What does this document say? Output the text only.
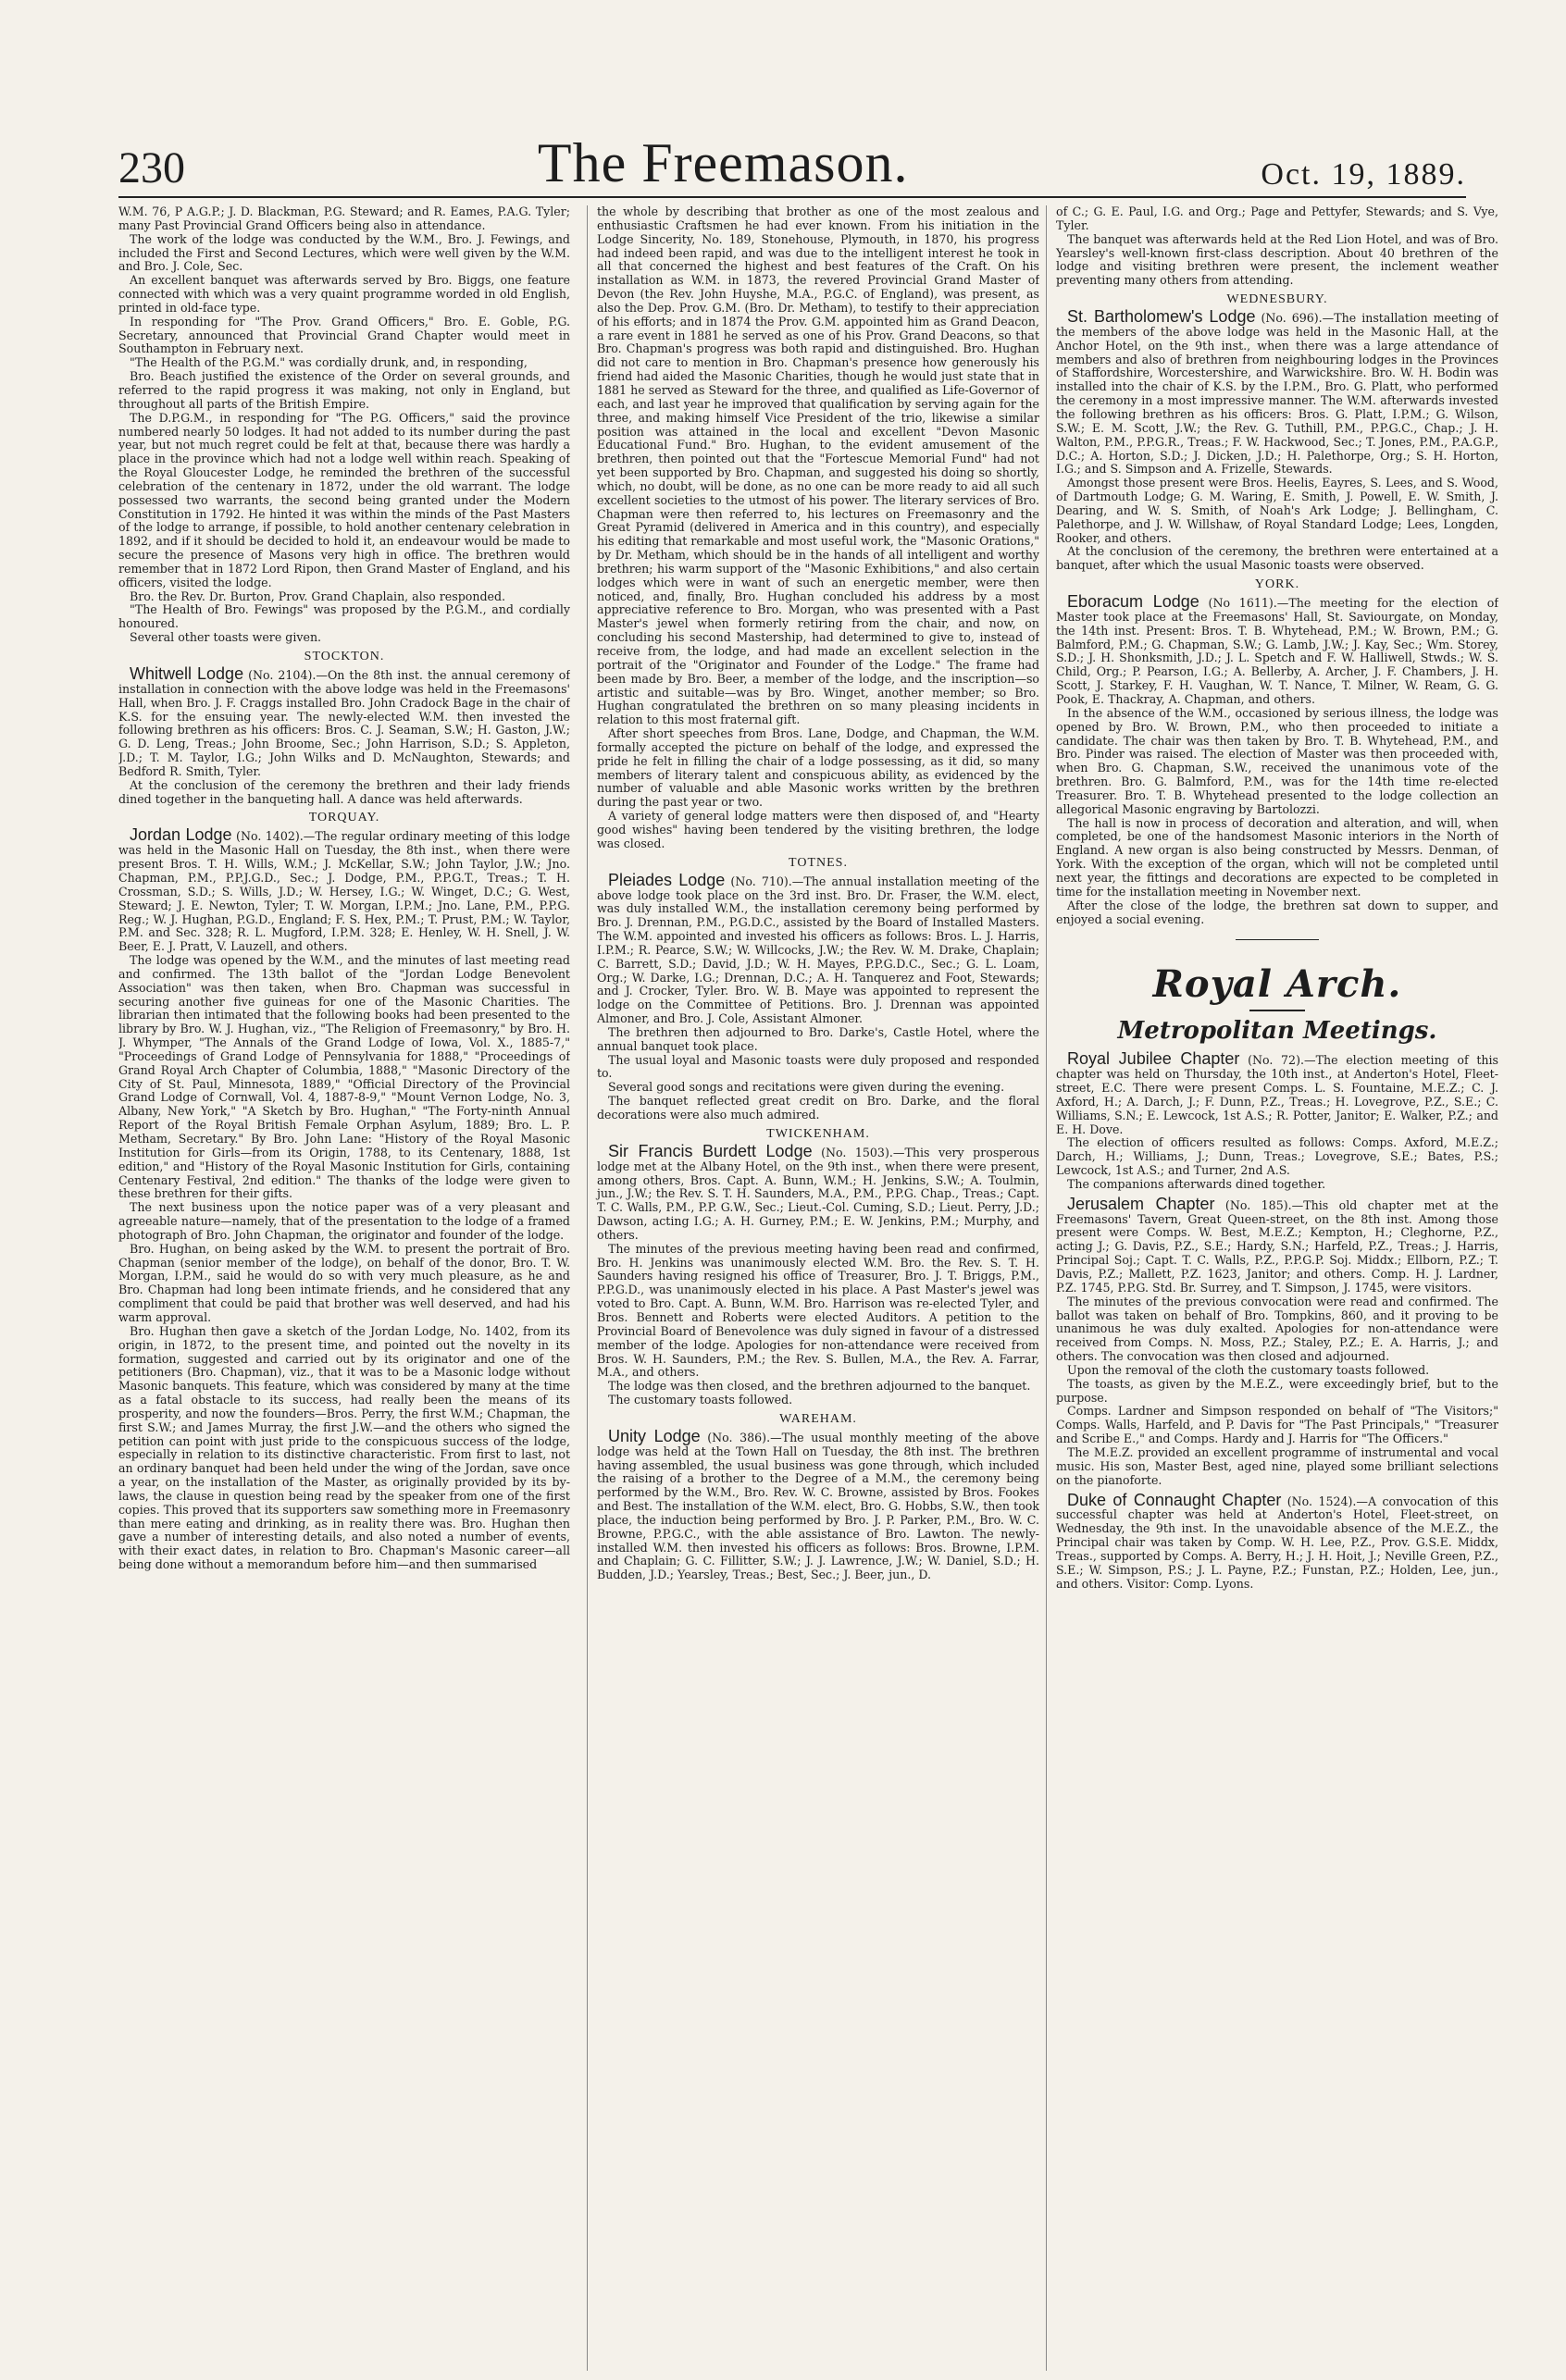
230	The Freemason.	Oct. 19, 1889.

W.M. 76, P A.G.P.; J. D. Blackman, P.G. Steward; and R. Eames, P.A.G. Tyler; many Past Provincial Grand Officers being also in attendance.

The work of the lodge was conducted by the W.M., Bro. J. Fewings, and included the First and Second Lectures, which were well given by the W.M. and Bro. J. Cole, Sec.

An excellent banquet was afterwards served by Bro. Biggs, one feature connected with which was a very quaint programme worded in old English, printed in old-face type.

In responding for "The Prov. Grand Officers," Bro. E. Goble, P.G. Secretary, announced that Provincial Grand Chapter would meet in Southampton in February next.

"The Health of the P.G.M." was cordially drunk, and, in responding,

Bro. Beach justified the existence of the Order on several grounds, and referred to the rapid progress it was making, not only in England, but throughout all parts of the British Empire.

The D.P.G.M., in responding for "The P.G. Officers," said the province numbered nearly 50 lodges. It had not added to its number during the past year, but not much regret could be felt at that, because there was hardly a place in the province which had not a lodge well within reach. Speaking of the Royal Gloucester Lodge, he reminded the brethren of the successful celebration of the centenary in 1872, under the old warrant. The lodge possessed two warrants, the second being granted under the Modern Constitution in 1792. He hinted it was within the minds of the Past Masters of the lodge to arrange, if possible, to hold another centenary celebration in 1892, and if it should be decided to hold it, an endeavour would be made to secure the presence of Masons very high in office. The brethren would remember that in 1872 Lord Ripon, then Grand Master of England, and his officers, visited the lodge.

Bro. the Rev. Dr. Burton, Prov. Grand Chaplain, also responded.

"The Health of Bro. Fewings" was proposed by the P.G.M., and cordially honoured.

Several other toasts were given.

STOCKTON.

Whitwell Lodge (No. 2104).—On the 8th inst. the annual ceremony of installation in connection with the above lodge was held in the Freemasons' Hall, when Bro. J. F. Craggs installed Bro. John Cradock Bage in the chair of K.S. for the ensuing year. The newly-elected W.M. then invested the following brethren as his officers: Bros. C. J. Seaman, S.W.; H. Gaston, J.W.; G. D. Leng, Treas.; John Broome, Sec.; John Harrison, S.D.; S. Appleton, J.D.; T. M. Taylor, I.G.; John Wilks and D. McNaughton, Stewards; and Bedford R. Smith, Tyler.

At the conclusion of the ceremony the brethren and their lady friends dined together in the banqueting hall. A dance was held afterwards.

TORQUAY.

Jordan Lodge (No. 1402).—The regular ordinary meeting of this lodge was held in the Masonic Hall on Tuesday, the 8th inst., when there were present Bros. T. H. Wills, W.M.; J. McKellar, S.W.; John Taylor, J.W.; Jno. Chapman, P.M., P.P.J.G.D., Sec.; J. Dodge, P.M., P.P.G.T., Treas.; T. H. Crossman, S.D.; S. Wills, J.D.; W. Hersey, I.G.; W. Winget, D.C.; G. West, Steward; J. E. Newton, Tyler; T. W. Morgan, I.P.M.; Jno. Lane, P.M., P.P.G. Reg.; W. J. Hughan, P.G.D., England; F. S. Hex, P.M.; T. Prust, P.M.; W. Taylor, P.M. and Sec. 328; R. L. Mugford, I.P.M. 328; E. Henley, W. H. Snell, J. W. Beer, E. J. Pratt, V. Lauzell, and others.

The lodge was opened by the W.M., and the minutes of last meeting read and confirmed. The 13th ballot of the "Jordan Lodge Benevolent Association" was then taken, when Bro. Chapman was successful in securing another five guineas for one of the Masonic Charities. The librarian then intimated that the following books had been presented to the library by Bro. W. J. Hughan, viz., "The Religion of Freemasonry," by Bro. H. J. Whymper, "The Annals of the Grand Lodge of Iowa, Vol. X., 1885-7," "Proceedings of Grand Lodge of Pennsylvania for 1888," "Proceedings of Grand Royal Arch Chapter of Columbia, 1888," "Masonic Directory of the City of St. Paul, Minnesota, 1889," "Official Directory of the Provincial Grand Lodge of Cornwall, Vol. 4, 1887-8-9," "Mount Vernon Lodge, No. 3, Albany, New York," "A Sketch by Bro. Hughan," "The Forty-ninth Annual Report of the Royal British Female Orphan Asylum, 1889; Bro. L. P. Metham, Secretary." By Bro. John Lane: "History of the Royal Masonic Institution for Girls—from its Origin, 1788, to its Centenary, 1888, 1st edition," and "History of the Royal Masonic Institution for Girls, containing Centenary Festival, 2nd edition." The thanks of the lodge were given to these brethren for their gifts.

The next business upon the notice paper was of a very pleasant and agreeable nature—namely, that of the presentation to the lodge of a framed photograph of Bro. John Chapman, the originator and founder of the lodge.

Bro. Hughan, on being asked by the W.M. to present the portrait of Bro. Chapman (senior member of the lodge), on behalf of the donor, Bro. T. W. Morgan, I.P.M., said he would do so with very much pleasure, as he and Bro. Chapman had long been intimate friends, and he considered that any compliment that could be paid that brother was well deserved, and had his warm approval.

Bro. Hughan then gave a sketch of the Jordan Lodge, No. 1402, from its origin, in 1872, to the present time, and pointed out the novelty in its formation, suggested and carried out by its originator and one of the petitioners (Bro. Chapman), viz., that it was to be a Masonic lodge without Masonic banquets. This feature, which was considered by many at the time as a fatal obstacle to its success, had really been the means of its prosperity, and now the founders—Bros. Perry, the first W.M.; Chapman, the first S.W.; and James Murray, the first J.W.—and the others who signed the petition can point with just pride to the conspicuous success of the lodge, especially in relation to its distinctive characteristic. From first to last, not an ordinary banquet had been held under the wing of the Jordan, save once a year, on the installation of the Master, as originally provided by its by-laws, the clause in question being read by the speaker from one of the first copies. This proved that its supporters saw something more in Freemasonry than mere eating and drinking, as in reality there was. Bro. Hughan then gave a number of interesting details, and also noted a number of events, with their exact dates, in relation to Bro. Chapman's Masonic career—all being done without a memorandum before him—and then summarised

the whole by describing that brother as one of the most zealous and enthusiastic Craftsmen he had ever known. From his initiation in the Lodge Sincerity, No. 189, Stonehouse, Plymouth, in 1870, his progress had indeed been rapid, and was due to the intelligent interest he took in all that concerned the highest and best features of the Craft. On his installation as W.M. in 1873, the revered Provincial Grand Master of Devon (the Rev. John Huyshe, M.A., P.G.C. of England), was present, as also the Dep. Prov. G.M. (Bro. Dr. Metham), to testify to their appreciation of his efforts; and in 1874 the Prov. G.M. appointed him as Grand Deacon, a rare event in 1881 he served as one of his Prov. Grand Deacons, so that Bro. Chapman's progress was both rapid and distinguished. Bro. Hughan did not care to mention in Bro. Chapman's presence how generously his friend had aided the Masonic Charities, though he would just state that in 1881 he served as Steward for the three, and qualified as Life-Governor of each, and last year he improved that qualification by serving again for the three, and making himself Vice President of the trio, likewise a similar position was attained in the local and excellent "Devon Masonic Educational Fund." Bro. Hughan, to the evident amusement of the brethren, then pointed out that the "Fortescue Memorial Fund" had not yet been supported by Bro. Chapman, and suggested his doing so shortly, which, no doubt, will be done, as no one can be more ready to aid all such excellent societies to the utmost of his power. The literary services of Bro. Chapman were then referred to, his lectures on Freemasonry and the Great Pyramid (delivered in America and in this country), and especially his editing that remarkable and most useful work, the "Masonic Orations," by Dr. Metham, which should be in the hands of all intelligent and worthy brethren; his warm support of the "Masonic Exhibitions," and also certain lodges which were in want of such an energetic member, were then noticed, and, finally, Bro. Hughan concluded his address by a most appreciative reference to Bro. Morgan, who was presented with a Past Master's jewel when formerly retiring from the chair, and now, on concluding his second Mastership, had determined to give to, instead of receive from, the lodge, and had made an excellent selection in the portrait of the "Originator and Founder of the Lodge." The frame had been made by Bro. Beer, a member of the lodge, and the inscription—so artistic and suitable—was by Bro. Winget, another member; so Bro. Hughan congratulated the brethren on so many pleasing incidents in relation to this most fraternal gift.

After short speeches from Bros. Lane, Dodge, and Chapman, the W.M. formally accepted the picture on behalf of the lodge, and expressed the pride he felt in filling the chair of a lodge possessing, as it did, so many members of literary talent and conspicuous ability, as evidenced by the number of valuable and able Masonic works written by the brethren during the past year or two.

A variety of general lodge matters were then disposed of, and "Hearty good wishes" having been tendered by the visiting brethren, the lodge was closed.

TOTNES.

Pleiades Lodge (No. 710).—The annual installation meeting of the above lodge took place on the 3rd inst. Bro. Dr. Fraser, the W.M. elect, was duly installed W.M., the installation ceremony being performed by Bro. J. Drennan, P.M., P.G.D.C., assisted by the Board of Installed Masters. The W.M. appointed and invested his officers as follows: Bros. L. J. Harris, I.P.M.; R. Pearce, S.W.; W. Willcocks, J.W.; the Rev. W. M. Drake, Chaplain; C. Barrett, S.D.; David, J.D.; W. H. Mayes, P.P.G.D.C., Sec.; G. L. Loam, Org.; W. Darke, I.G.; Drennan, D.C.; A. H. Tanquerez and Foot, Stewards; and J. Crocker, Tyler. Bro. W. B. Maye was appointed to represent the lodge on the Committee of Petitions. Bro. J. Drennan was appointed Almoner, and Bro. J. Cole, Assistant Almoner.

The brethren then adjourned to Bro. Darke's, Castle Hotel, where the annual banquet took place.

The usual loyal and Masonic toasts were duly proposed and responded to.

Several good songs and recitations were given during the evening.

The banquet reflected great credit on Bro. Darke, and the floral decorations were also much admired.

TWICKENHAM.

Sir Francis Burdett Lodge (No. 1503).—This very prosperous lodge met at the Albany Hotel, on the 9th inst., when there were present, among others, Bros. Capt. A. Bunn, W.M.; H. Jenkins, S.W.; A. Toulmin, jun., J.W.; the Rev. S. T. H. Saunders, M.A., P.M., P.P.G. Chap., Treas.; Capt. T. C. Walls, P.M., P.P. G.W., Sec.; Lieut.-Col. Cuming, S.D.; Lieut. Perry, J.D.; Dawson, acting I.G.; A. H. Gurney, P.M.; E. W. Jenkins, P.M.; Murphy, and others.

The minutes of the previous meeting having been read and confirmed, Bro. H. Jenkins was unanimously elected W.M. Bro. the Rev. S. T. H. Saunders having resigned his office of Treasurer, Bro. J. T. Briggs, P.M., P.P.G.D., was unanimously elected in his place. A Past Master's jewel was voted to Bro. Capt. A. Bunn, W.M. Bro. Harrison was re-elected Tyler, and Bros. Bennett and Roberts were elected Auditors. A petition to the Provincial Board of Benevolence was duly signed in favour of a distressed member of the lodge. Apologies for non-attendance were received from Bros. W. H. Saunders, P.M.; the Rev. S. Bullen, M.A., the Rev. A. Farrar, M.A., and others.

The lodge was then closed, and the brethren adjourned to the banquet.

The customary toasts followed.

WAREHAM.

Unity Lodge (No. 386).—The usual monthly meeting of the above lodge was held at the Town Hall on Tuesday, the 8th inst. The brethren having assembled, the usual business was gone through, which included the raising of a brother to the Degree of a M.M., the ceremony being performed by the W.M., Bro. Rev. W. C. Browne, assisted by Bros. Fookes and Best. The installation of the W.M. elect, Bro. G. Hobbs, S.W., then took place, the induction being performed by Bro. J. P. Parker, P.M., Bro. W. C. Browne, P.P.G.C., with the able assistance of Bro. Lawton. The newly-installed W.M. then invested his officers as follows: Bros. Browne, I.P.M. and Chaplain; G. C. Fillitter, S.W.; J. J. Lawrence, J.W.; W. Daniel, S.D.; H. Budden, J.D.; Yearsley, Treas.; Best, Sec.; J. Beer, jun., D.

of C.; G. E. Paul, I.G. and Org.; Page and Pettyfer, Stewards; and S. Vye, Tyler.

The banquet was afterwards held at the Red Lion Hotel, and was of Bro. Yearsley's well-known first-class description. About 40 brethren of the lodge and visiting brethren were present, the inclement weather preventing many others from attending.

WEDNESBURY.

St. Bartholomew's Lodge (No. 696).—The installation meeting of the members of the above lodge was held in the Masonic Hall, at the Anchor Hotel, on the 9th inst., when there was a large attendance of members and also of brethren from neighbouring lodges in the Provinces of Staffordshire, Worcestershire, and Warwickshire. Bro. W. H. Bodin was installed into the chair of K.S. by the I.P.M., Bro. G. Platt, who performed the ceremony in a most impressive manner. The W.M. afterwards invested the following brethren as his officers: Bros. G. Platt, I.P.M.; G. Wilson, S.W.; E. M. Scott, J.W.; the Rev. G. Tuthill, P.M., P.P.G.C., Chap.; J. H. Walton, P.M., P.P.G.R., Treas.; F. W. Hackwood, Sec.; T. Jones, P.M., P.A.G.P., D.C.; A. Horton, S.D.; J. Dicken, J.D.; H. Palethorpe, Org.; S. H. Horton, I.G.; and S. Simpson and A. Frizelle, Stewards.

Amongst those present were Bros. Heelis, Eayres, S. Lees, and S. Wood, of Dartmouth Lodge; G. M. Waring, E. Smith, J. Powell, E. W. Smith, J. Dearing, and W. S. Smith, of Noah's Ark Lodge; J. Bellingham, C. Palethorpe, and J. W. Willshaw, of Royal Standard Lodge; Lees, Longden, Rooker, and others.

At the conclusion of the ceremony, the brethren were entertained at a banquet, after which the usual Masonic toasts were observed.

YORK.

Eboracum Lodge (No 1611).—The meeting for the election of Master took place at the Freemasons' Hall, St. Saviourgate, on Monday, the 14th inst. Present: Bros. T. B. Whytehead, P.M.; W. Brown, P.M.; G. Balmford, P.M.; G. Chapman, S.W.; G. Lamb, J.W.; J. Kay, Sec.; Wm. Storey, S.D.; J. H. Shonksmith, J.D.; J. L. Spetch and F. W. Halliwell, Stwds.; W. S. Child, Org.; P. Pearson, I.G.; A. Bellerby, A. Archer, J. F. Chambers, J. H. Scott, J. Starkey, F. H. Vaughan, W. T. Nance, T. Milner, W. Ream, G. G. Pook, E. Thackray, A. Chapman, and others.

In the absence of the W.M., occasioned by serious illness, the lodge was opened by Bro. W. Brown, P.M., who then proceeded to initiate a candidate. The chair was then taken by Bro. T. B. Whytehead, P.M., and Bro. Pinder was raised. The election of Master was then proceeded with, when Bro. G. Chapman, S.W., received the unanimous vote of the brethren. Bro. G. Balmford, P.M., was for the 14th time re-elected Treasurer. Bro. T. B. Whytehead presented to the lodge collection an allegorical Masonic engraving by Bartolozzi.

The hall is now in process of decoration and alteration, and will, when completed, be one of the handsomest Masonic interiors in the North of England. A new organ is also being constructed by Messrs. Denman, of York. With the exception of the organ, which will not be completed until next year, the fittings and decorations are expected to be completed in time for the installation meeting in November next.

After the close of the lodge, the brethren sat down to supper, and enjoyed a social evening.

Royal Arch.
Metropolitan Meetings.

Royal Jubilee Chapter (No. 72).—The election meeting of this chapter was held on Thursday, the 10th inst., at Anderton's Hotel, Fleet-street, E.C. There were present Comps. L. S. Fountaine, M.E.Z.; C. J. Axford, H.; A. Darch, J.; F. Dunn, P.Z., Treas.; H. Lovegrove, P.Z., S.E.; C. Williams, S.N.; E. Lewcock, 1st A.S.; R. Potter, Janitor; E. Walker, P.Z.; and E. H. Dove.

The election of officers resulted as follows: Comps. Axford, M.E.Z.; Darch, H.; Williams, J.; Dunn, Treas.; Lovegrove, S.E.; Bates, P.S.; Lewcock, 1st A.S.; and Turner, 2nd A.S.

The companions afterwards dined together.

Jerusalem Chapter (No. 185).—This old chapter met at the Freemasons' Tavern, Great Queen-street, on the 8th inst. Among those present were Comps. W. Best, M.E.Z.; Kempton, H.; Cleghorne, P.Z., acting J.; G. Davis, P.Z., S.E.; Hardy, S.N.; Harfeld, P.Z., Treas.; J. Harris, Principal Soj.; Capt. T. C. Walls, P.Z., P.P.G.P. Soj. Middx.; Ellborn, P.Z.; T. Davis, P.Z.; Mallett, P.Z. 1623, Janitor; and others. Comp. H. J. Lardner, P.Z. 1745, P.P.G. Std. Br. Surrey, and T. Simpson, J. 1745, were visitors.

The minutes of the previous convocation were read and confirmed. The ballot was taken on behalf of Bro. Tompkins, 860, and it proving to be unanimous he was duly exalted. Apologies for non-attendance were received from Comps. N. Moss, P.Z.; Staley, P.Z.; E. A. Harris, J.; and others. The convocation was then closed and adjourned.

Upon the removal of the cloth the customary toasts followed.

The toasts, as given by the M.E.Z., were exceedingly brief, but to the purpose.

Comps. Lardner and Simpson responded on behalf of "The Visitors;" Comps. Walls, Harfeld, and P. Davis for "The Past Principals," "Treasurer and Scribe E.," and Comps. Hardy and J. Harris for "The Officers."

The M.E.Z. provided an excellent programme of instrumental and vocal music. His son, Master Best, aged nine, played some brilliant selections on the pianoforte.

Duke of Connaught Chapter (No. 1524).—A convocation of this successful chapter was held at Anderton's Hotel, Fleet-street, on Wednesday, the 9th inst. In the unavoidable absence of the M.E.Z., the Principal chair was taken by Comp. W. H. Lee, P.Z., Prov. G.S.E. Middx, Treas., supported by Comps. A. Berry, H.; J. H. Hoit, J.; Neville Green, P.Z., S.E.; W. Simpson, P.S.; J. L. Payne, P.Z.; Funstan, P.Z.; Holden, Lee, jun., and others. Visitor: Comp. Lyons.
